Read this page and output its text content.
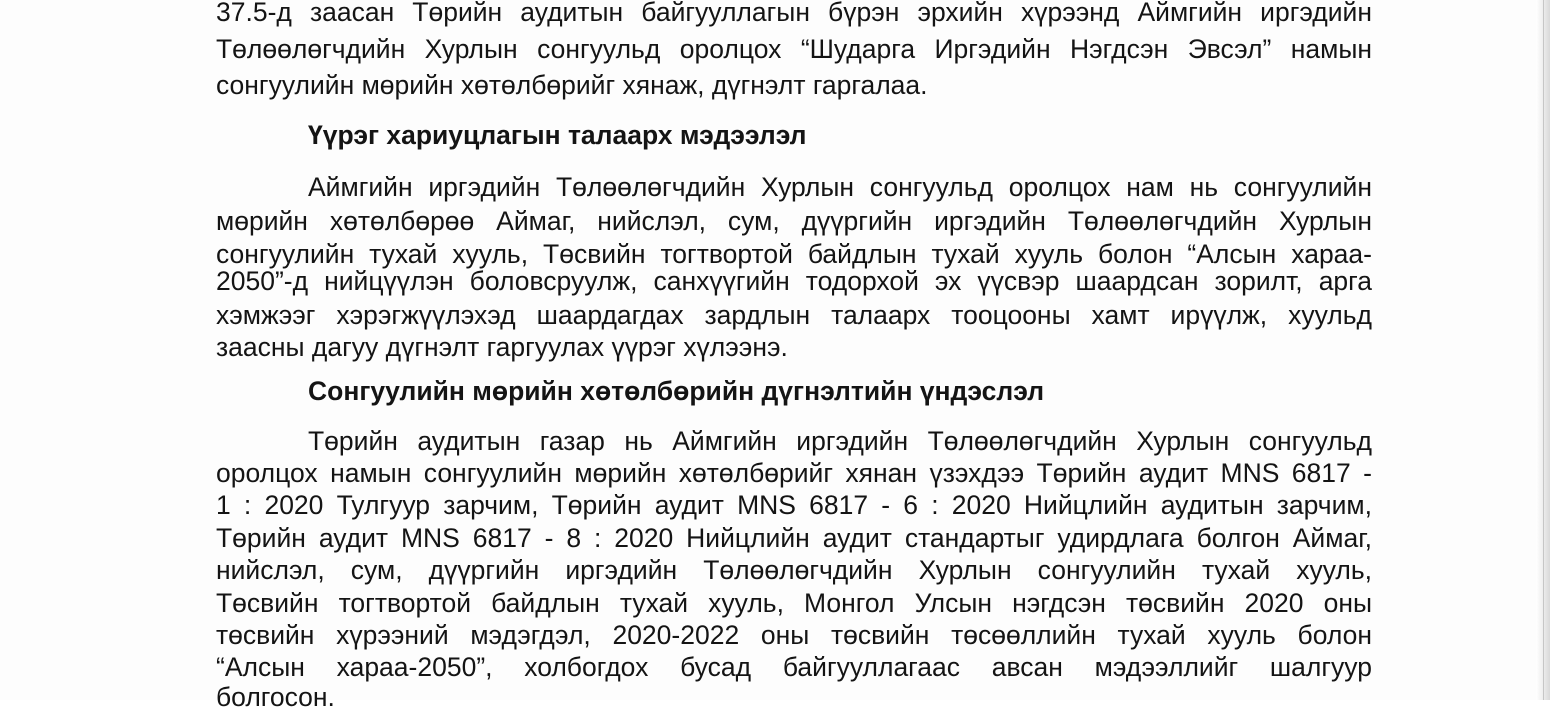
37.5-д заасан Төрийн аудитын байгууллагын бүрэн эрхийн хүрээнд Аймгийн иргэдийн
Төлөөлөгчдийн Хурлын сонгуульд оролцох “Шударга Иргэдийн Нэгдсэн Эвсэл” намын
сонгуулийн мөрийн хөтөлбөрийг хянаж, дүгнэлт гаргалаа.
Үүрэг хариуцлагын талаарх мэдээлэл
Аймгийн иргэдийн Төлөөлөгчдийн Хурлын сонгуульд оролцох нам нь сонгуулийн
мөрийн хөтөлбөрөө Аймаг, нийслэл, сум, дүүргийн иргэдийн Төлөөлөгчдийн Хурлын
сонгуулийн тухай хууль, Төсвийн тогтвортой байдлын тухай хууль болон “Алсын хараа-
2050”-д нийцүүлэн боловсруулж, санхүүгийн тодорхой эх үүсвэр шаардсан зорилт, арга
хэмжээг хэрэгжүүлэхэд шаардагдах зардлын талаарх тооцооны хамт ирүүлж, хуульд
заасны дагуу дүгнэлт гаргуулах үүрэг хүлээнэ.
Сонгуулийн мөрийн хөтөлбөрийн дүгнэлтийн үндэслэл
Төрийн аудитын газар нь Аймгийн иргэдийн Төлөөлөгчдийн Хурлын сонгуульд
оролцох намын сонгуулийн мөрийн хөтөлбөрийг хянан үзэхдээ Төрийн аудит MNS 6817 -
1 : 2020 Тулгуур зарчим, Төрийн аудит MNS 6817 - 6 : 2020 Нийцлийн аудитын зарчим,
Төрийн аудит MNS 6817 - 8 : 2020 Нийцлийн аудит стандартыг удирдлага болгон Аймаг,
нийслэл, сум, дүүргийн иргэдийн Төлөөлөгчдийн Хурлын сонгуулийн тухай хууль,
Төсвийн тогтвортой байдлын тухай хууль, Монгол Улсын нэгдсэн төсвийн 2020 оны
төсвийн хүрээний мэдэгдэл, 2020-2022 оны төсвийн төсөөллийн тухай хууль болон
“Алсын хараа-2050”, холбогдох бусад байгууллагаас авсан мэдээллийг шалгуур
болгосон.
